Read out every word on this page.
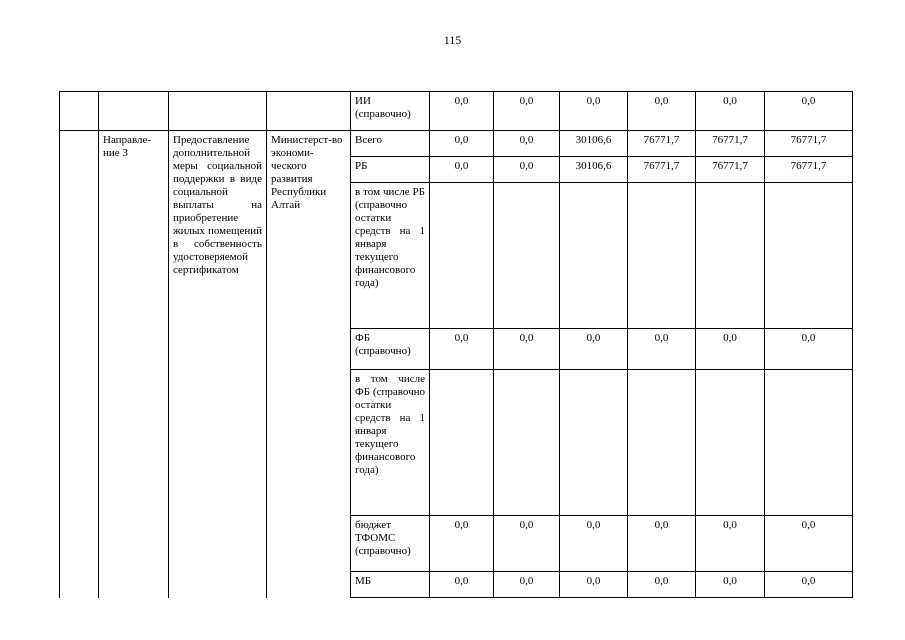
115
				ИИ (справочно)	0,0	0,0	0,0	0,0	0,0	0,0
	Направле-ние 3	Предоставление дополнительной меры социальной поддержки в виде социальной выплаты на приобретение жилых помещений в собственность удостоверяемой сертификатом	Министерст-во экономи-ческого развития Республики Алтай	Всего	0,0	0,0	30106,6	76771,7	76771,7	76771,7
				РБ	0,0	0,0	30106,6	76771,7	76771,7	76771,7
				в том числе РБ (справочно остатки средств на 1 января текущего финансового года)						
				ФБ (справочно)	0,0	0,0	0,0	0,0	0,0	0,0
				в том числе ФБ (справочно остатки средств на 1 января текущего финансового года)						
				бюджет ТФОМС (справочно)	0,0	0,0	0,0	0,0	0,0	0,0
				МБ	0,0	0,0	0,0	0,0	0,0	0,0
